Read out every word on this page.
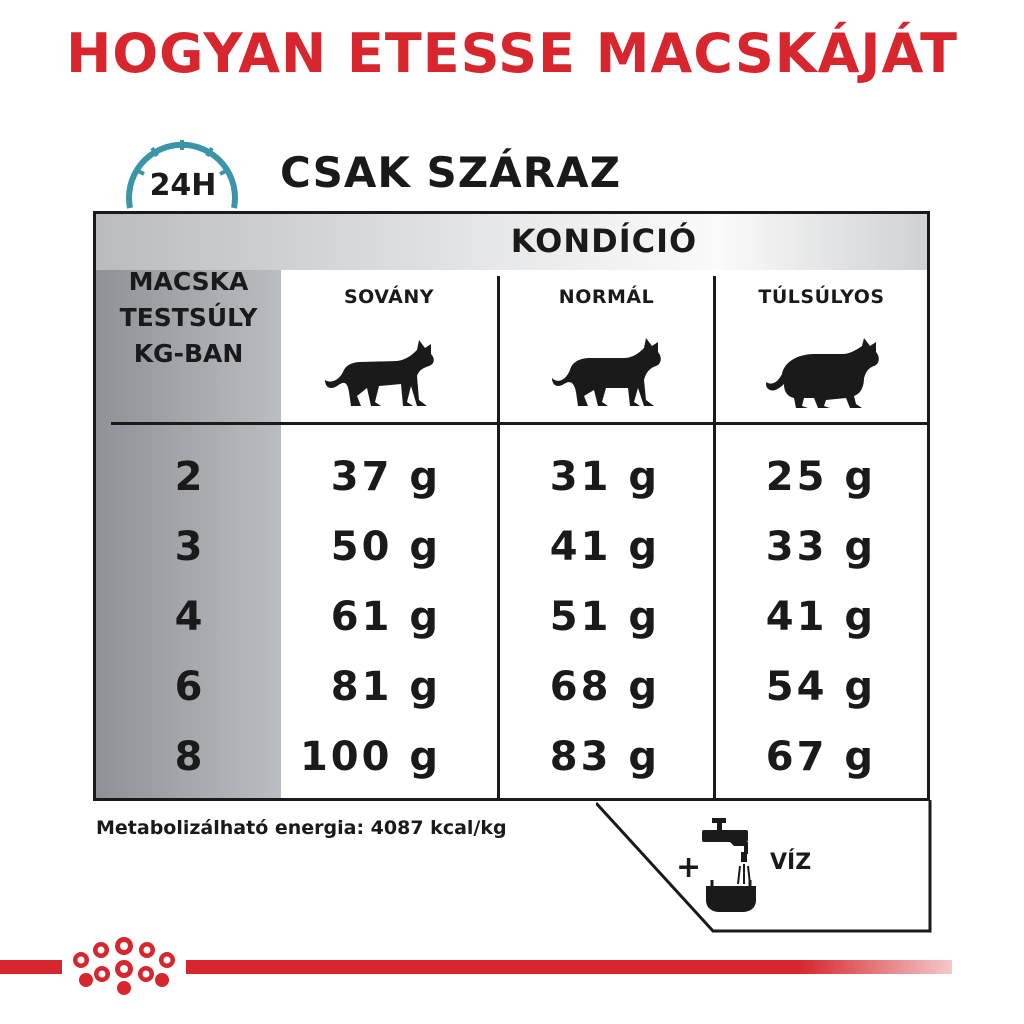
HOGYAN ETESSE MACSKÁJÁT
24H CSAK SZÁRAZ
KONDÍCIÓ
MACSKA
TESTSÚLY
KG-BAN
SOVÁNY	NORMÁL	TÚLSÚLYOS
2	37 g	31 g	25 g
3	50 g	41 g	33 g
4	61 g	51 g	41 g
6	81 g	68 g	54 g
8	100 g	83 g	67 g
Metabolizálható energia: 4087 kcal/kg
+	VÍZ
